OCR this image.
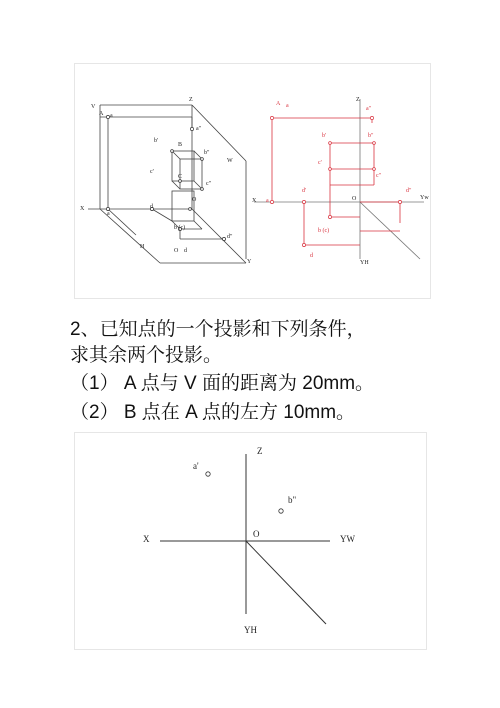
V
A a
Z
a"
b'
B
b"
W
c'
C
c"
X
a
d
O
b (c)
d"
H
O d
Y
A a
Z
a"
b'	b"
c'
c"
X a
d'
O
d"
Yw
b (c)
d
YH
2、已知点的一个投影和下列条件，
求其余两个投影。
（1） A 点与 V 面的距离为 20mm。
（2） B 点在 A 点的左方 10mm。
Z
a'
b"
X	O	YW
YH
